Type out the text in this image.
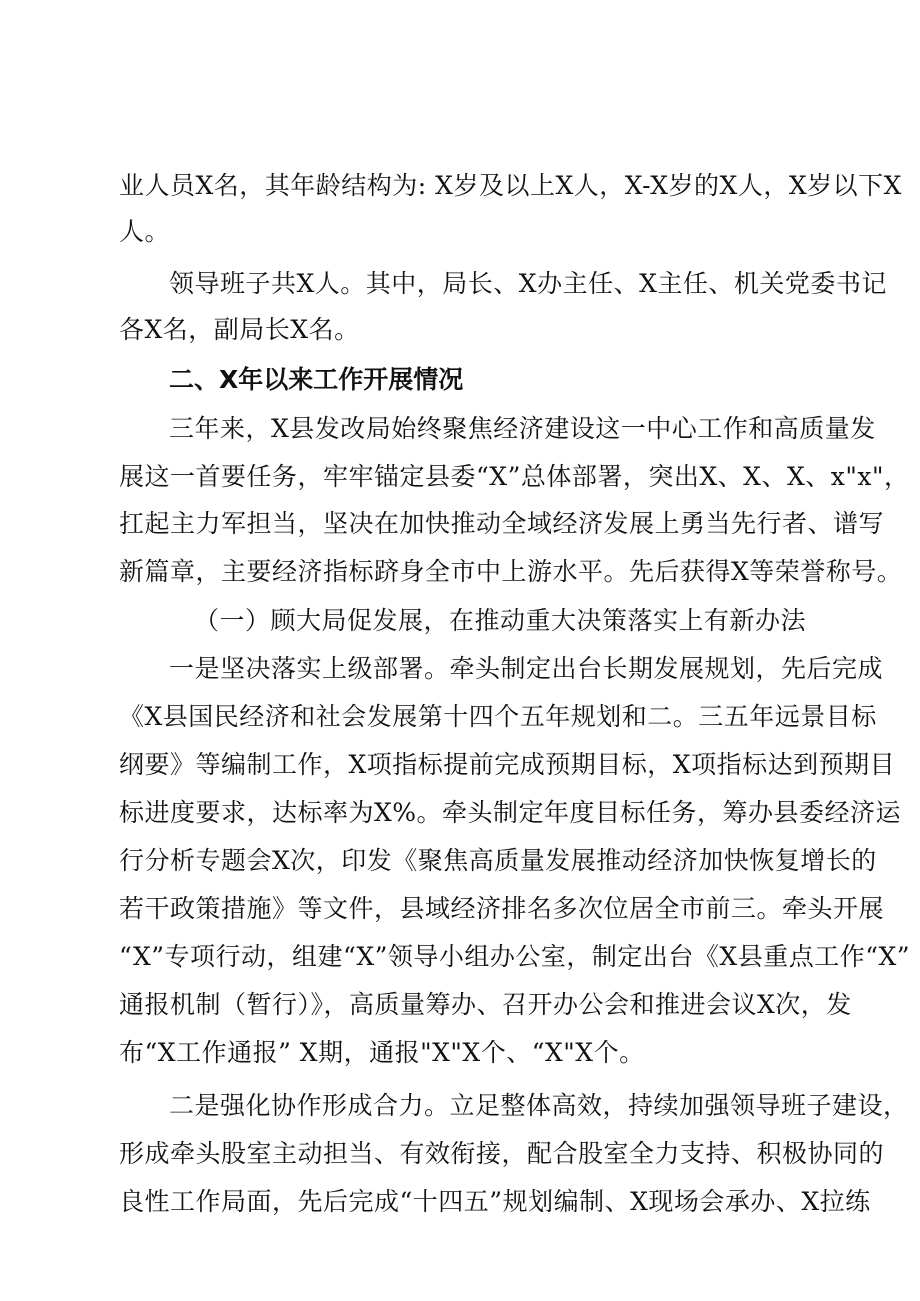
业人员X名，其年龄结构为: X岁及以上X人，X-X岁的X人，X岁以下X
人。
领导班子共X人。其中，局长、X办主任、X主任、机关党委书记
各X名，副局长X名。
二、X年以来工作开展情况
三年来，X县发改局始终聚焦经济建设这一中心工作和高质量发
展这一首要任务，牢牢锚定县委“X”总体部署，突出X、X、X、x"x"，
扛起主力军担当，坚决在加快推动全域经济发展上勇当先行者、谱写
新篇章，主要经济指标跻身全市中上游水平。先后获得X等荣誉称号。
（一）顾大局促发展，在推动重大决策落实上有新办法
一是坚决落实上级部署。牵头制定出台长期发展规划，先后完成
《X县国民经济和社会发展第十四个五年规划和二。三五年远景目标
纲要》等编制工作，X项指标提前完成预期目标，X项指标达到预期目
标进度要求，达标率为X%。牵头制定年度目标任务，筹办县委经济运
行分析专题会X次，印发《聚焦高质量发展推动经济加快恢复增长的
若干政策措施》等文件，县域经济排名多次位居全市前三。牵头开展
“X”专项行动，组建“X”领导小组办公室，制定出台《X县重点工作“X”
通报机制（暂行）》，高质量筹办、召开办公会和推进会议X次，发
布“X工作通报” X期，通报"X"X个、“X"X个。
二是强化协作形成合力。立足整体高效，持续加强领导班子建设，
形成牵头股室主动担当、有效衔接，配合股室全力支持、积极协同的
良性工作局面，先后完成“十四五”规划编制、X现场会承办、X拉练
